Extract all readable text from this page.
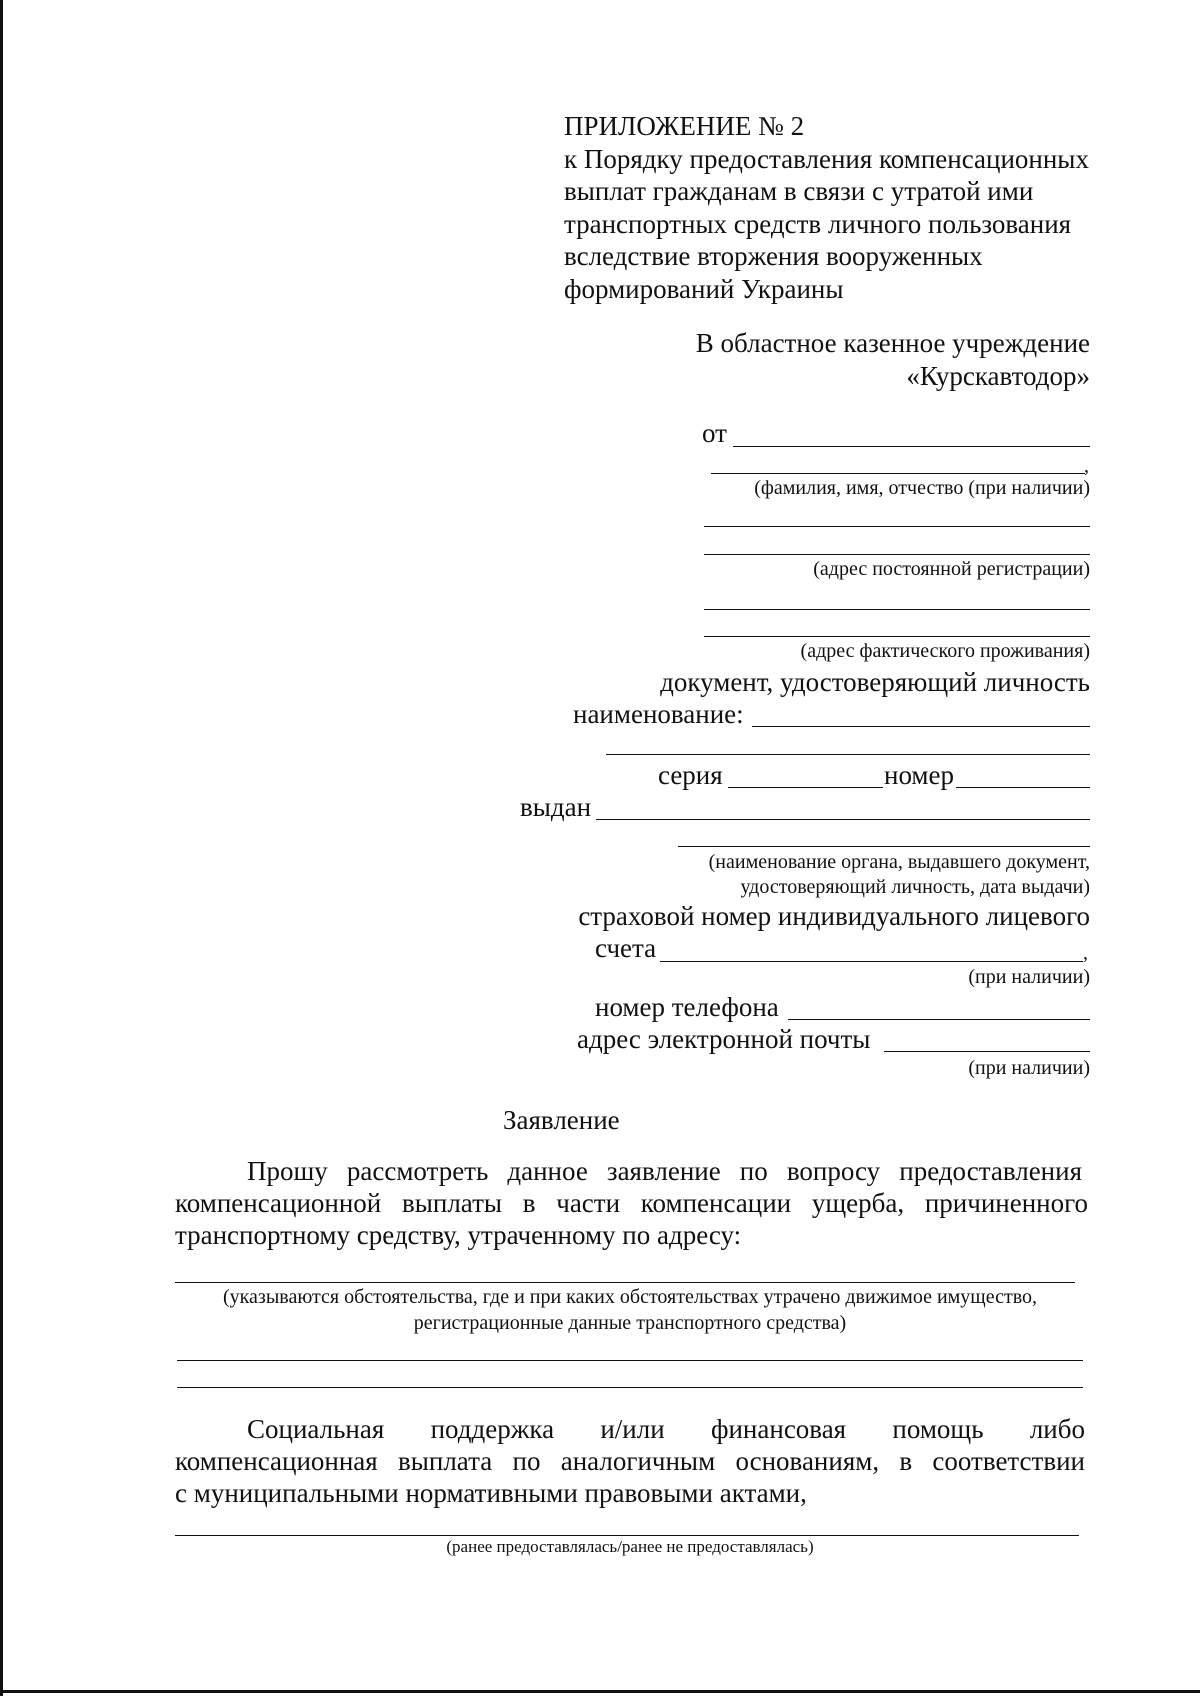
ПРИЛОЖЕНИЕ № 2
к Порядку предоставления компенсационных
выплат гражданам в связи с утратой ими
транспортных средств личного пользования
вследствие вторжения вооруженных
формирований Украины
В областное казенное учреждение
«Курскавтодор»
от
,
(фамилия, имя, отчество (при наличии)
(адрес постоянной регистрации)
(адрес фактического проживания)
документ, удостоверяющий личность
наименование:
серия	номер
выдан
(наименование органа, выдавшего документ,
удостоверяющий личность, дата выдачи)
страховой номер индивидуального лицевого
счета	,
(при наличии)
номер телефона
адрес электронной почты
(при наличии)
Заявление
Прошу рассмотреть данное заявление по вопросу предоставления
компенсационной выплаты в части компенсации ущерба, причиненного
транспортному средству, утраченному по адресу:
(указываются обстоятельства, где и при каких обстоятельствах утрачено движимое имущество,
регистрационные данные транспортного средства)
Социальная поддержка и/или финансовая помощь либо
компенсационная выплата по аналогичным основаниям, в соответствии
с муниципальными нормативными правовыми актами,
(ранее предоставлялась/ранее не предоставлялась)
